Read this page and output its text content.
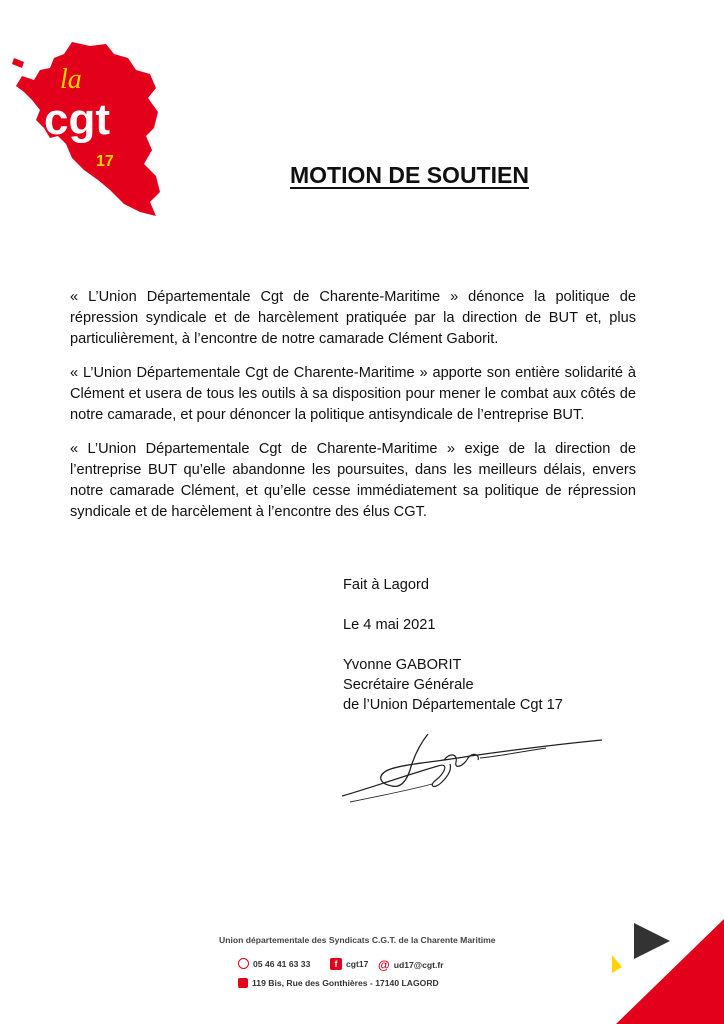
la
cgt
17
MOTION DE SOUTIEN

« L’Union Départementale Cgt de Charente-Maritime » dénonce la politique de répression syndicale et de harcèlement pratiquée par la direction de BUT et, plus particulièrement, à l’encontre de notre camarade Clément Gaborit.

« L’Union Départementale Cgt de Charente-Maritime » apporte son entière solidarité à Clément et usera de tous les outils à sa disposition pour mener le combat aux côtés de notre camarade, et pour dénoncer la politique antisyndicale de l’entreprise BUT.

« L’Union Départementale Cgt de Charente-Maritime » exige de la direction de l’entreprise BUT qu’elle abandonne les poursuites, dans les meilleurs délais, envers notre camarade Clément, et qu’elle cesse immédiatement sa politique de répression syndicale et de harcèlement à l’encontre des élus CGT.

Fait à Lagord
Le 4 mai 2021
Yvonne GABORIT
Secrétaire Générale
de l’Union Départementale Cgt 17
Union départementale des Syndicats C.G.T. de la Charente Maritime
05 46 41 63 33	f cgt17 @ ud17@cgt.fr
119 Bis, Rue des Gonthières - 17140 LAGORD
